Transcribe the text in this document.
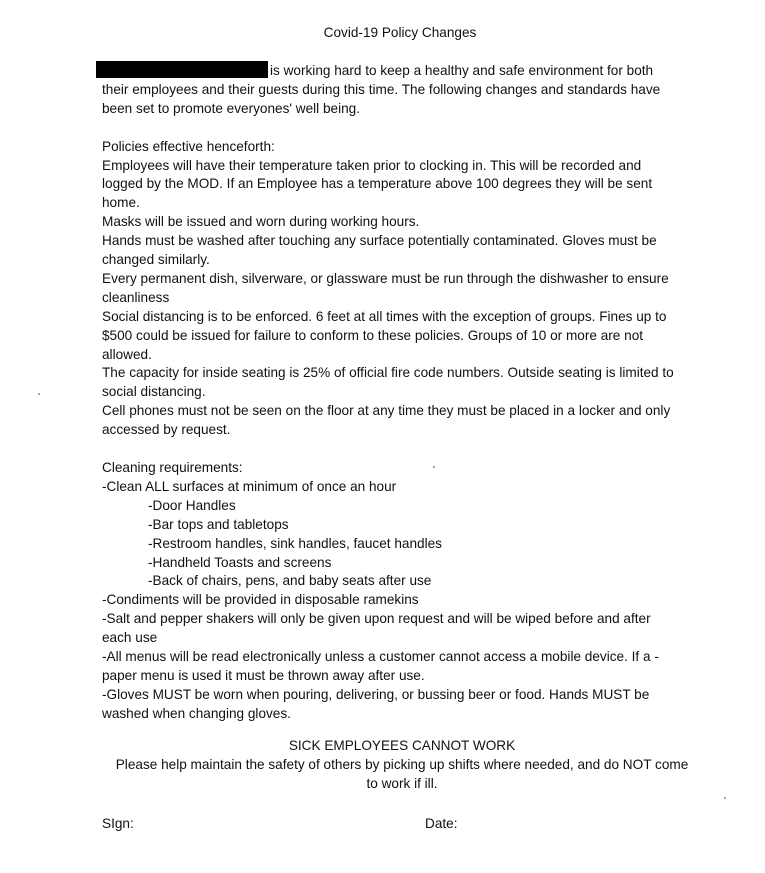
Covid-19 Policy Changes
is working hard to keep a healthy and safe environment for both
their employees and their guests during this time. The following changes and standards have
been set to promote everyones' well being.
Policies effective henceforth:
Employees will have their temperature taken prior to clocking in. This will be recorded and
logged by the MOD. If an Employee has a temperature above 100 degrees they will be sent
home.
Masks will be issued and worn during working hours.
Hands must be washed after touching any surface potentially contaminated. Gloves must be
changed similarly.
Every permanent dish, silverware, or glassware must be run through the dishwasher to ensure
cleanliness
Social distancing is to be enforced. 6 feet at all times with the exception of groups. Fines up to
$500 could be issued for failure to conform to these policies. Groups of 10 or more are not
allowed.
The capacity for inside seating is 25% of official fire code numbers. Outside seating is limited to
social distancing.
Cell phones must not be seen on the floor at any time they must be placed in a locker and only
accessed by request.
Cleaning requirements:
-Clean ALL surfaces at minimum of once an hour
-Door Handles
-Bar tops and tabletops
-Restroom handles, sink handles, faucet handles
-Handheld Toasts and screens
-Back of chairs, pens, and baby seats after use
-Condiments will be provided in disposable ramekins
-Salt and pepper shakers will only be given upon request and will be wiped before and after
each use
-All menus will be read electronically unless a customer cannot access a mobile device. If a -
paper menu is used it must be thrown away after use.
-Gloves MUST be worn when pouring, delivering, or bussing beer or food. Hands MUST be
washed when changing gloves.
SICK EMPLOYEES CANNOT WORK
Please help maintain the safety of others by picking up shifts where needed, and do NOT come
to work if ill.
SIgn:	Date:
